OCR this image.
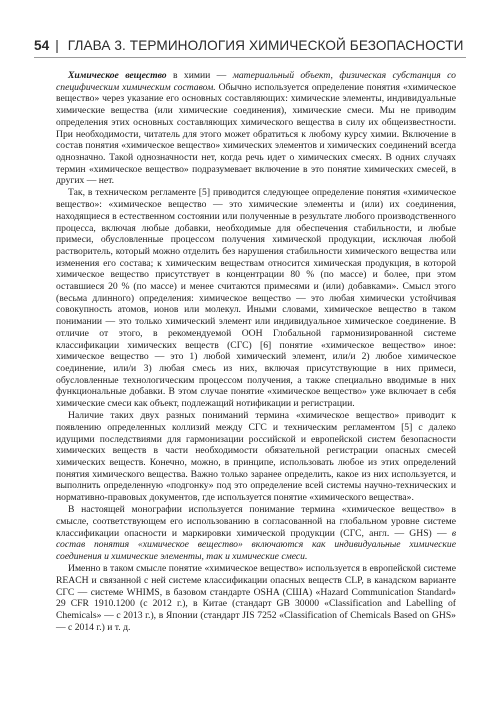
54 | ГЛАВА 3. ТЕРМИНОЛОГИЯ ХИМИЧЕСКОЙ БЕЗОПАСНОСТИ

Химическое вещество в химии — материальный объект, физическая субстанция со специфическим химическим составом. Обычно используется определение понятия «химическое вещество» через указание его основных составляющих: химические элементы, индивидуальные химические вещества (или химические соединения), химические смеси. Мы не приводим определения этих основных составляющих химического вещества в силу их общеизвестности. При необходимости, читатель для этого может обратиться к любому курсу химии. Включение в состав понятия «химическое вещество» химических элементов и химических соединений всегда однозначно. Такой однозначности нет, когда речь идет о химических смесях. В одних случаях термин «химическое вещество» подразумевает включение в это понятие химических смесей, в других — нет.

Так, в техническом регламенте [5] приводится следующее определение понятия «химическое вещество»: «химическое вещество — это химические элементы и (или) их соединения, находящиеся в естественном состоянии или полученные в результате любого производственного процесса, включая любые добавки, необходимые для обеспечения стабильности, и любые примеси, обусловленные процессом получения химической продукции, исключая любой растворитель, который можно отделить без нарушения стабильности химического вещества или изменения его состава; к химическим веществам относится химическая продукция, в которой химическое вещество присутствует в концентрации 80 % (по массе) и более, при этом оставшиеся 20 % (по массе) и менее считаются примесями и (или) добавками». Смысл этого (весьма длинного) определения: химическое вещество — это любая химически устойчивая совокупность атомов, ионов или молекул. Иными словами, химическое вещество в таком понимании — это только химический элемент или индивидуальное химическое соединение. В отличие от этого, в рекомендуемой ООН Глобальной гармонизированной системе классификации химических веществ (СГС) [6] понятие «химическое вещество» иное: химическое вещество — это 1) любой химический элемент, или/и 2) любое химическое соединение, или/и 3) любая смесь из них, включая присутствующие в них примеси, обусловленные технологическим процессом получения, а также специально вводимые в них функциональные добавки. В этом случае понятие «химическое вещество» уже включает в себя химические смеси как объект, подлежащий нотификации и регистрации.

Наличие таких двух разных пониманий термина «химическое вещество» приводит к появлению определенных коллизий между СГС и техническим регламентом [5] с далеко идущими последствиями для гармонизации российской и европейской систем безопасности химических веществ в части необходимости обязательной регистрации опасных смесей химических веществ. Конечно, можно, в принципе, использовать любое из этих определений понятия химического вещества. Важно только заранее определить, какое из них используется, и выполнить определенную «подгонку» под это определение всей системы научно-технических и нормативно-правовых документов, где используется понятие «химического вещества».

В настоящей монографии используется понимание термина «химическое вещество» в смысле, соответствующем его использованию в согласованной на глобальном уровне системе классификации опасности и маркировки химической продукции (СГС, англ. — GHS) — в состав понятия «химическое вещество» включаются как индивидуальные химические соединения и химические элементы, так и химические смеси.

Именно в таком смысле понятие «химическое вещество» используется в европейской системе REACH и связанной с ней системе классификации опасных веществ CLP, в канадском варианте СГС — системе WHIMS, в базовом стандарте OSHA (США) «Hazard Communication Standard» 29 CFR 1910.1200 (с 2012 г.), в Китае (стандарт GB 30000 «Classification and Labelling of Chemicals» — с 2013 г.), в Японии (стандарт JIS 7252 «Classification of Chemicals Based on GHS» — с 2014 г.) и т. д.
